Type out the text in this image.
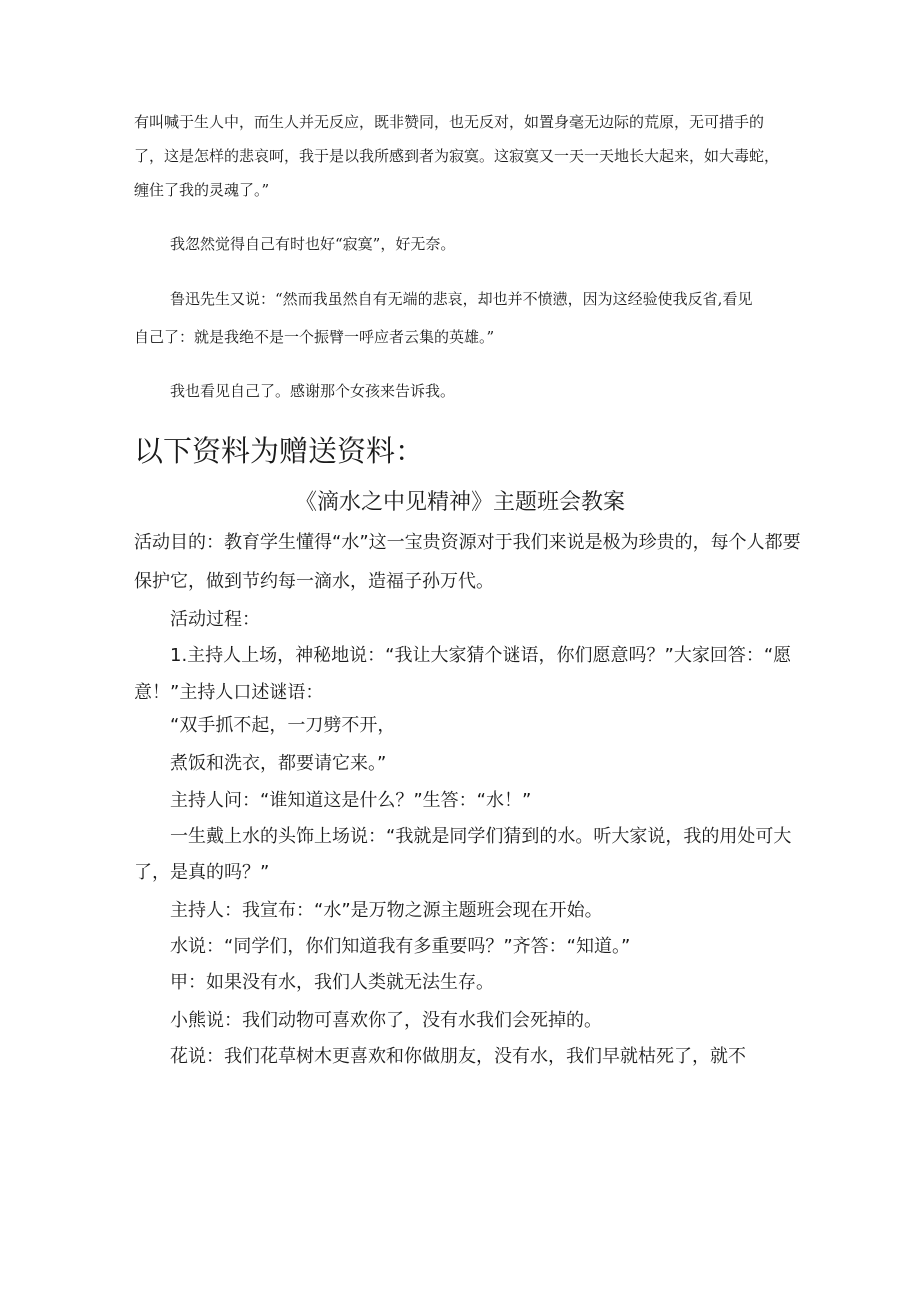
有叫喊于生人中，而生人并无反应，既非赞同，也无反对，如置身毫无边际的荒原，无可措手的
了，这是怎样的悲哀呵，我于是以我所感到者为寂寞。这寂寞又一天一天地长大起来，如大毒蛇，
缠住了我的灵魂了。”
我忽然觉得自己有时也好“寂寞”，好无奈。
鲁迅先生又说：“然而我虽然自有无端的悲哀，却也并不愤懑，因为这经验使我反省,看见
自己了：就是我绝不是一个振臂一呼应者云集的英雄。”
我也看见自己了。感谢那个女孩来告诉我。
以下资料为赠送资料：
《滴水之中见精神》主题班会教案
活动目的：教育学生懂得“水”这一宝贵资源对于我们来说是极为珍贵的，每个人都要
保护它，做到节约每一滴水，造福子孙万代。
活动过程：
1.主持人上场，神秘地说：“我让大家猜个谜语，你们愿意吗？”大家回答：“愿
意！”主持人口述谜语：
“双手抓不起，一刀劈不开，
煮饭和洗衣，都要请它来。”
主持人问：“谁知道这是什么？”生答：“水！”
一生戴上水的头饰上场说：“我就是同学们猜到的水。听大家说，我的用处可大
了，是真的吗？”
主持人：我宣布：“水”是万物之源主题班会现在开始。
水说：“同学们，你们知道我有多重要吗？”齐答：“知道。”
甲：如果没有水，我们人类就无法生存。
小熊说：我们动物可喜欢你了，没有水我们会死掉的。
花说：我们花草树木更喜欢和你做朋友，没有水，我们早就枯死了，就不
